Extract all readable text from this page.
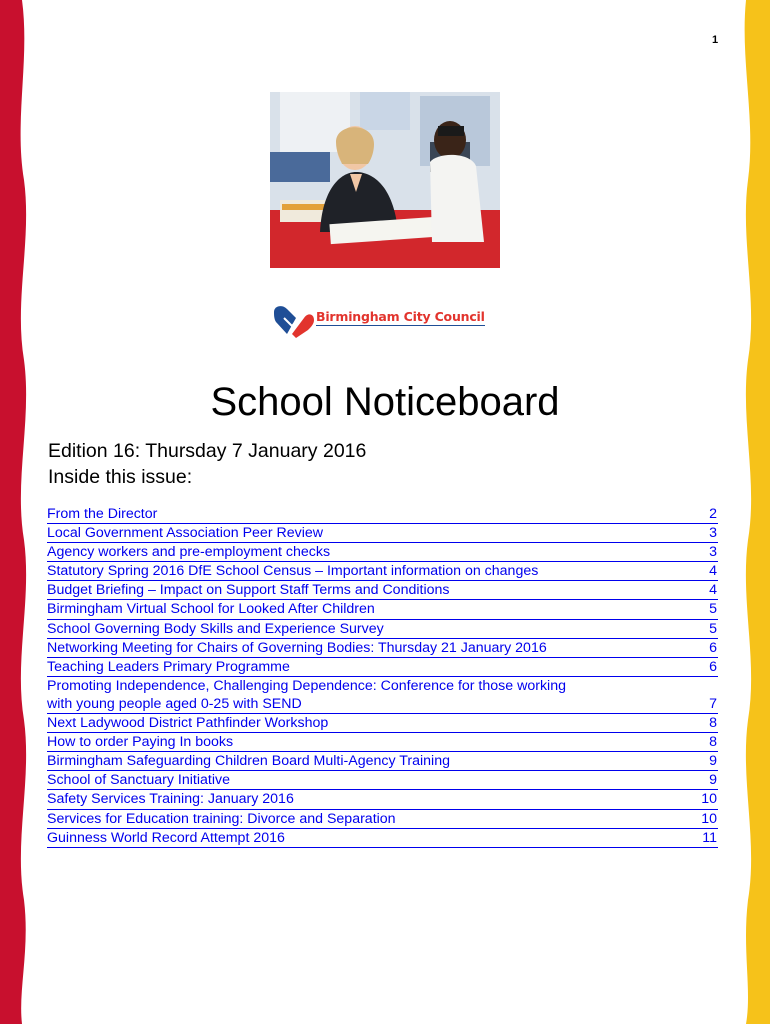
1
Birmingham City Council
School Noticeboard
Edition 16: Thursday 7 January 2016
Inside this issue:
From the Director	2
Local Government Association Peer Review	3
Agency workers and pre-employment checks	3
Statutory Spring 2016 DfE School Census – Important information on changes	4
Budget Briefing – Impact on Support Staff Terms and Conditions	4
Birmingham Virtual School for Looked After Children	5
School Governing Body Skills and Experience Survey	5
Networking Meeting for Chairs of Governing Bodies: Thursday 21 January 2016	6
Teaching Leaders Primary Programme	6
Promoting Independence, Challenging Dependence: Conference for those working
with young people aged 0-25 with SEND	7
Next Ladywood District Pathfinder Workshop	8
How to order Paying In books	8
Birmingham Safeguarding Children Board Multi-Agency Training	9
School of Sanctuary Initiative	9
Safety Services Training: January 2016	10
Services for Education training: Divorce and Separation	10
Guinness World Record Attempt 2016	11
